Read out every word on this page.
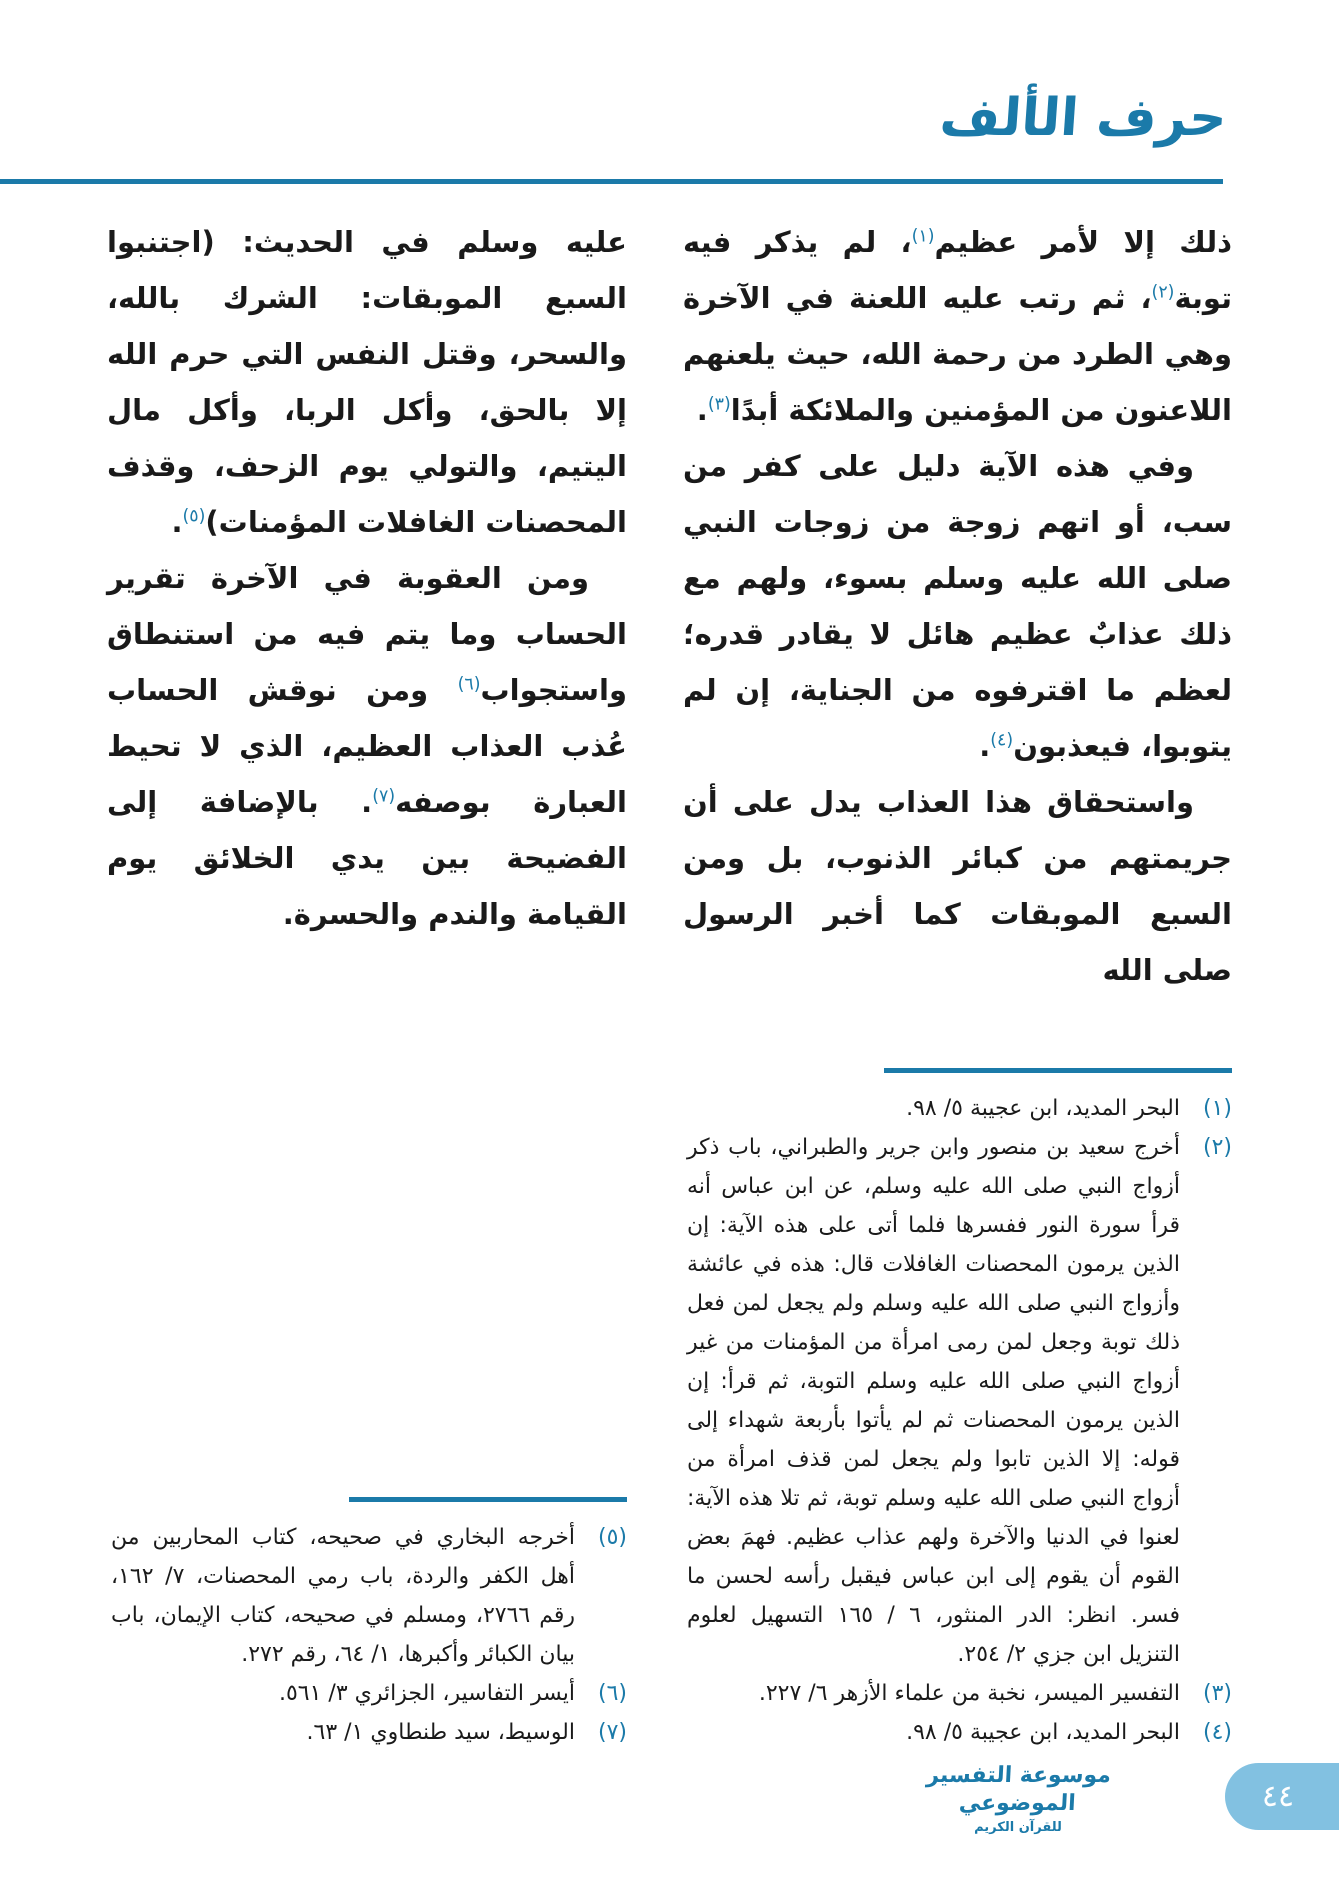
حرف الألف

ذلك إلا لأمر عظيم$^{(١)}$، لم يذكر فيه توبة$^{(٢)}$، ثم رتب عليه اللعنة في الآخرة وهي الطرد من رحمة الله، حيث يلعنهم اللاعنون من المؤمنين والملائكة أبدًا$^{(٣)}$.

وفي هذه الآية دليل على كفر من سب، أو اتهم زوجة من زوجات النبي صلى الله عليه وسلم بسوء، ولهم مع ذلك عذابٌ عظيم هائل لا يقادر قدره؛ لعظم ما اقترفوه من الجناية، إن لم يتوبوا، فيعذبون$^{(٤)}$.

واستحقاق هذا العذاب يدل على أن جريمتهم من كبائر الذنوب، بل ومن السبع الموبقات كما أخبر الرسول صلى الله

(١)
البحر المديد، ابن عجيبة ٥/ ٩٨.
(٢)
أخرج سعيد بن منصور وابن جرير والطبراني، باب ذكر أزواج النبي صلى الله عليه وسلم، عن ابن عباس أنه قرأ سورة النور ففسرها فلما أتى على هذه الآية: إن الذين يرمون المحصنات الغافلات قال: هذه في عائشة وأزواج النبي صلى الله عليه وسلم ولم يجعل لمن فعل ذلك توبة وجعل لمن رمى امرأة من المؤمنات من غير أزواج النبي صلى الله عليه وسلم التوبة، ثم قرأ: إن الذين يرمون المحصنات ثم لم يأتوا بأربعة شهداء إلى قوله: إلا الذين تابوا ولم يجعل لمن قذف امرأة من أزواج النبي صلى الله عليه وسلم توبة، ثم تلا هذه الآية: لعنوا في الدنيا والآخرة ولهم عذاب عظيم. فهمَ بعض القوم أن يقوم إلى ابن عباس فيقبل رأسه لحسن ما فسر. انظر: الدر المنثور، ٦ / ١٦٥ التسهيل لعلوم التنزيل ابن جزي ٢/ ٢٥٤.
(٣)
التفسير الميسر، نخبة من علماء الأزهر ٦/ ٢٢٧.
(٤)
البحر المديد، ابن عجيبة ٥/ ٩٨.

عليه وسلم في الحديث: (اجتنبوا السبع الموبقات: الشرك بالله، والسحر، وقتل النفس التي حرم الله إلا بالحق، وأكل الربا، وأكل مال اليتيم، والتولي يوم الزحف، وقذف المحصنات الغافلات المؤمنات)$^{(٥)}$.

ومن العقوبة في الآخرة تقرير الحساب وما يتم فيه من استنطاق واستجواب$^{(٦)}$ ومن نوقش الحساب عُذب العذاب العظيم، الذي لا تحيط العبارة بوصفه$^{(٧)}$. بالإضافة إلى الفضيحة بين يدي الخلائق يوم القيامة والندم والحسرة.

(٥)
أخرجه البخاري في صحيحه، كتاب المحاربين من أهل الكفر والردة، باب رمي المحصنات، ٧/ ١٦٢، رقم ٢٧٦٦، ومسلم في صحيحه، كتاب الإيمان، باب بيان الكبائر وأكبرها، ١/ ٦٤، رقم ٢٧٢.
(٦)
أيسر التفاسير، الجزائري ٣/ ٥٦١.
(٧)
الوسيط، سيد طنطاوي ١/ ٦٣.
موسوعة التفسير الموضوعي
للقرآن الكريم
٤٤
